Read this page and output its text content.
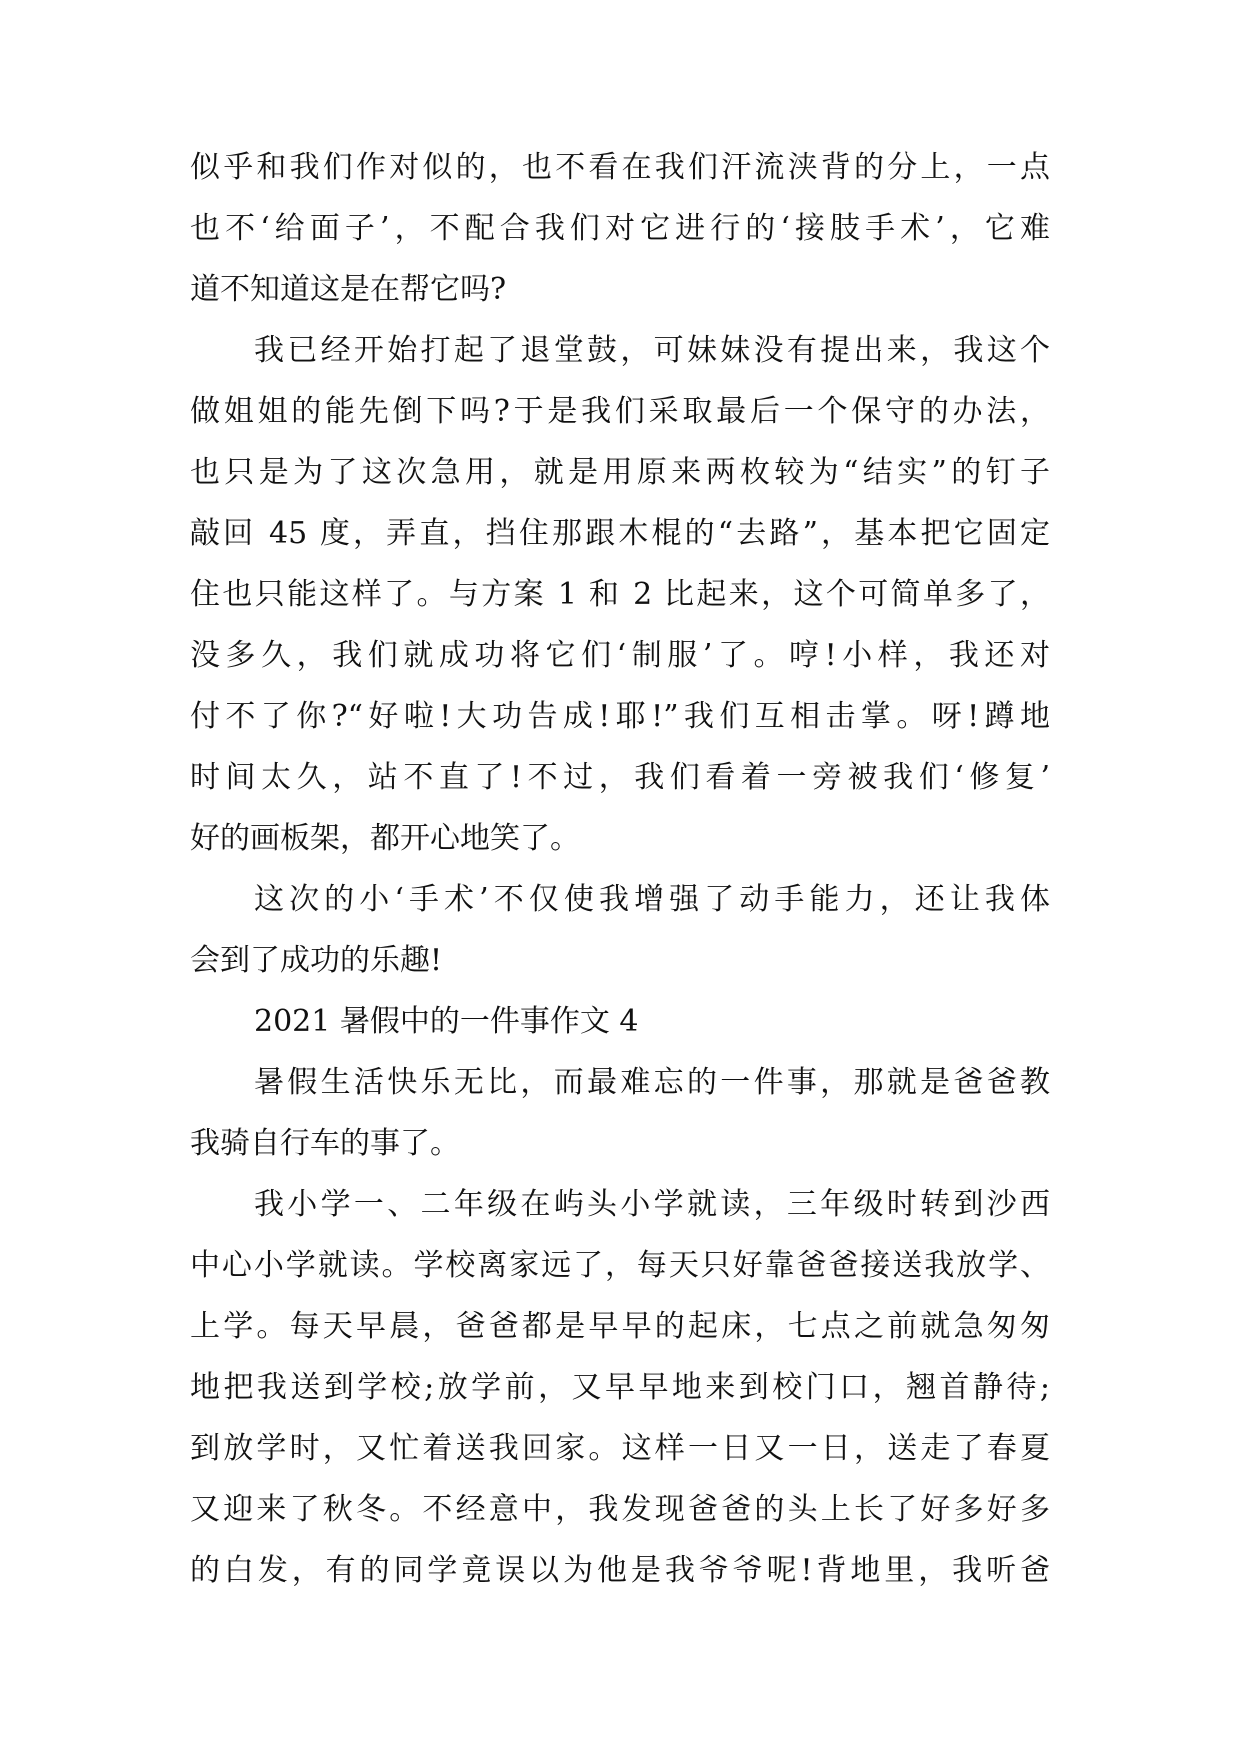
似乎和我们作对似的，也不看在我们汗流浃背的分上，一点
也不‘给面子’，不配合我们对它进行的‘接肢手术’，它难
道不知道这是在帮它吗?
我已经开始打起了退堂鼓，可妹妹没有提出来，我这个
做姐姐的能先倒下吗?于是我们采取最后一个保守的办法，
也只是为了这次急用，就是用原来两枚较为“结实”的钉子
敲回 45 度，弄直，挡住那跟木棍的“去路”，基本把它固定
住也只能这样了。与方案 1 和 2 比起来，这个可简单多了，
没多久，我们就成功将它们‘制服’了。哼!小样，我还对
付不了你?“好啦!大功告成!耶!”我们互相击掌。呀!蹲地
时间太久，站不直了!不过，我们看着一旁被我们‘修复’
好的画板架，都开心地笑了。
这次的小‘手术’不仅使我增强了动手能力，还让我体
会到了成功的乐趣!
2021 暑假中的一件事作文 4
暑假生活快乐无比，而最难忘的一件事，那就是爸爸教
我骑自行车的事了。
我小学一、二年级在屿头小学就读，三年级时转到沙西
中心小学就读。学校离家远了，每天只好靠爸爸接送我放学、
上学。每天早晨，爸爸都是早早的起床，七点之前就急匆匆
地把我送到学校;放学前，又早早地来到校门口，翘首静待;
到放学时，又忙着送我回家。这样一日又一日，送走了春夏
又迎来了秋冬。不经意中，我发现爸爸的头上长了好多好多
的白发，有的同学竟误以为他是我爷爷呢!背地里，我听爸
